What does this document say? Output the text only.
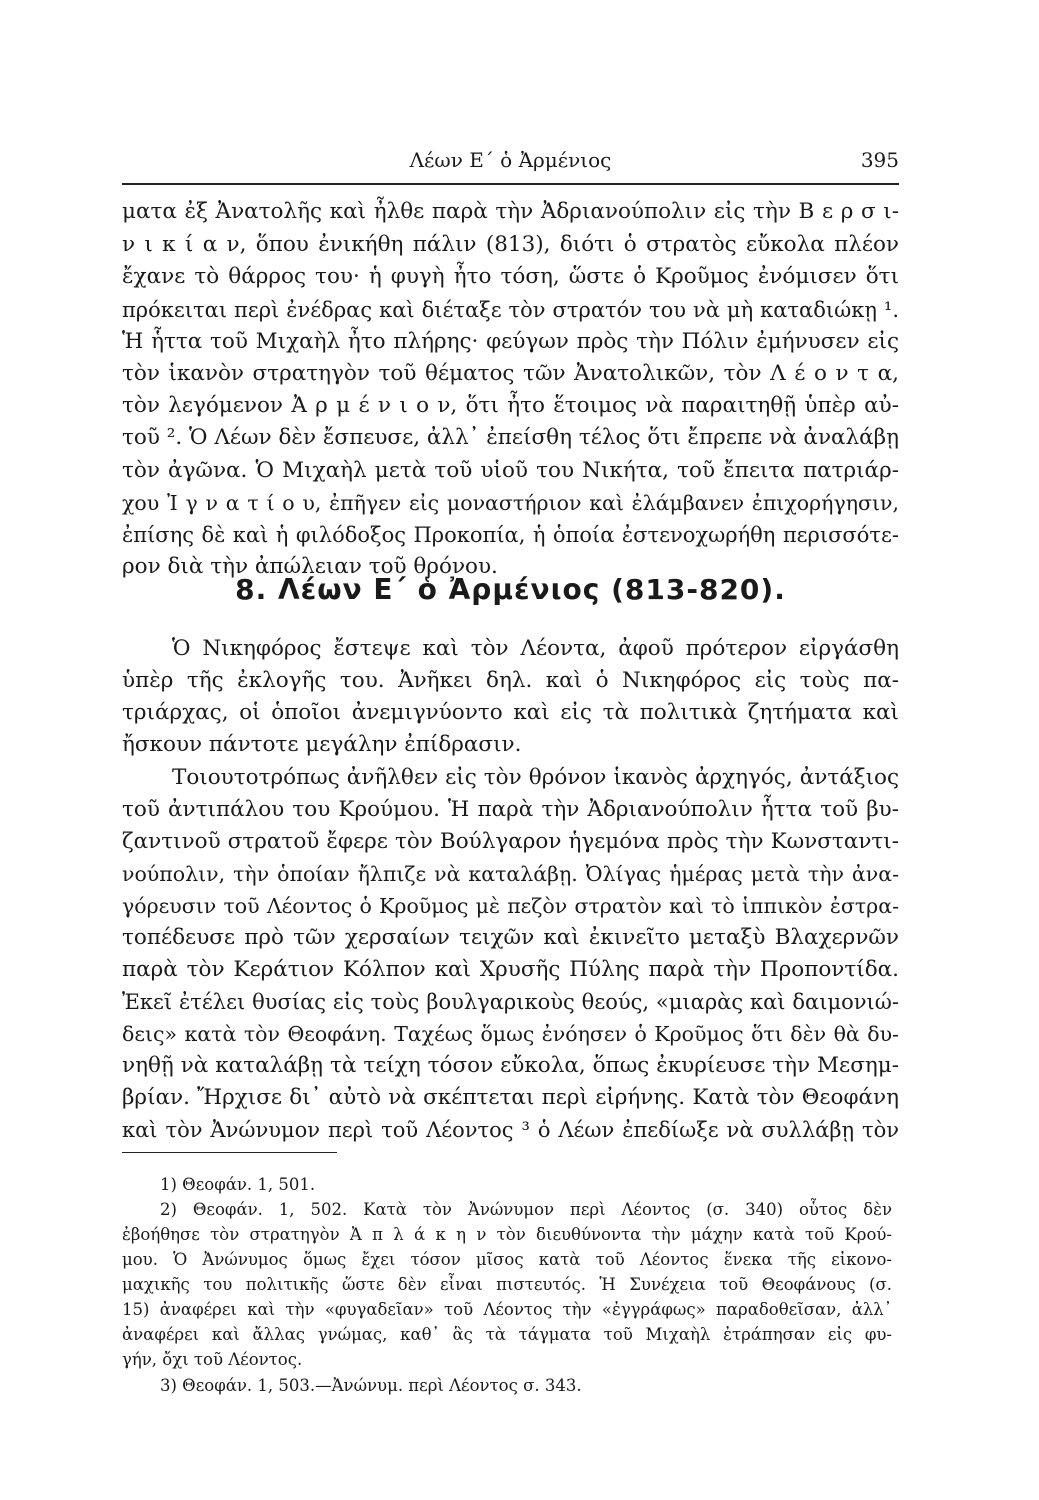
Λέων Ε΄ ὁ Ἀρμένιος	395
ματα ἐξ Ἀνατολῆς καὶ ἦλθε παρὰ τὴν Ἀδριανούπολιν εἰς τὴν Β ε ρ σ ι-
ν ι κ ί α ν, ὅπου ἐνικήθη πάλιν (813), διότι ὁ στρατὸς εὔκολα πλέον
ἔχανε τὸ θάρρος του· ἡ φυγὴ ἦτο τόση, ὥστε ὁ Κροῦμος ἐνόμισεν ὅτι
πρόκειται περὶ ἐνέδρας καὶ διέταξε τὸν στρατόν του νὰ μὴ καταδιώκῃ ¹.
Ἡ ἧττα τοῦ Μιχαὴλ ἦτο πλήρης· φεύγων πρὸς τὴν Πόλιν ἐμήνυσεν εἰς
τὸν ἱκανὸν στρατηγὸν τοῦ θέματος τῶν Ἀνατολικῶν, τὸν Λ έ ο ν τ α,
τὸν λεγόμενον Ἀ ρ μ έ ν ι ο ν, ὅτι ἦτο ἕτοιμος νὰ παραιτηθῇ ὑπὲρ αὐ-
τοῦ ². Ὁ Λέων δὲν ἔσπευσε, ἀλλ᾽ ἐπείσθη τέλος ὅτι ἔπρεπε νὰ ἀναλάβῃ
τὸν ἀγῶνα. Ὁ Μιχαὴλ μετὰ τοῦ υἱοῦ του Νικήτα, τοῦ ἔπειτα πατριάρ-
χου Ἰ γ ν α τ ί ο υ, ἐπῆγεν εἰς μοναστήριον καὶ ἐλάμβανεν ἐπιχορήγησιν,
ἐπίσης δὲ καὶ ἡ φιλόδοξος Προκοπία, ἡ ὁποία ἐστενοχωρήθη περισσότε-
ρον διὰ τὴν ἀπώλειαν τοῦ θρόνου.
8. Λέων Ε΄ ὁ Ἀρμένιος (813-820).
Ὁ Νικηφόρος ἔστεψε καὶ τὸν Λέοντα, ἀφοῦ πρότερον εἰργάσθη
ὑπὲρ τῆς ἐκλογῆς του. Ἀνῆκει δηλ. καὶ ὁ Νικηφόρος εἰς τοὺς πα-
τριάρχας, οἱ ὁποῖοι ἀνεμιγνύοντο καὶ εἰς τὰ πολιτικὰ ζητήματα καὶ
ἤσκουν πάντοτε μεγάλην ἐπίδρασιν.
Τοιουτοτρόπως ἀνῆλθεν εἰς τὸν θρόνον ἱκανὸς ἀρχηγός, ἀντάξιος
τοῦ ἀντιπάλου του Κρούμου. Ἡ παρὰ τὴν Ἀδριανούπολιν ἧττα τοῦ βυ-
ζαντινοῦ στρατοῦ ἔφερε τὸν Βούλγαρον ἡγεμόνα πρὸς τὴν Κωνσταντι-
νούπολιν, τὴν ὁποίαν ἤλπιζε νὰ καταλάβῃ. Ὀλίγας ἡμέρας μετὰ τὴν ἀνα-
γόρευσιν τοῦ Λέοντος ὁ Κροῦμος μὲ πεζὸν στρατὸν καὶ τὸ ἱππικὸν ἐστρα-
τοπέδευσε πρὸ τῶν χερσαίων τειχῶν καὶ ἐκινεῖτο μεταξὺ Βλαχερνῶν
παρὰ τὸν Κεράτιον Κόλπον καὶ Χρυσῆς Πύλης παρὰ τὴν Προποντίδα.
Ἐκεῖ ἐτέλει θυσίας εἰς τοὺς βουλγαρικοὺς θεούς, «μιαρὰς καὶ δαιμονιώ-
δεις» κατὰ τὸν Θεοφάνη. Ταχέως ὅμως ἐνόησεν ὁ Κροῦμος ὅτι δὲν θὰ δυ-
νηθῇ νὰ καταλάβῃ τὰ τείχη τόσον εὔκολα, ὅπως ἐκυρίευσε τὴν Μεσημ-
βρίαν. Ἤρχισε δι᾽ αὐτὸ νὰ σκέπτεται περὶ εἰρήνης. Κατὰ τὸν Θεοφάνη
καὶ τὸν Ἀνώνυμον περὶ τοῦ Λέοντος ³ ὁ Λέων ἐπεδίωξε νὰ συλλάβῃ τὸν
1) Θεοφάν. 1, 501.
2) Θεοφάν. 1, 502. Κατὰ τὸν Ἀνώνυμον περὶ Λέοντος (σ. 340) οὗτος δὲν
ἐβοήθησε τὸν στρατηγὸν Ἀ π λ ά κ η ν τὸν διευθύνοντα τὴν μάχην κατὰ τοῦ Κρού-
μου. Ὁ Ἀνώνυμος ὅμως ἔχει τόσον μῖσος κατὰ τοῦ Λέοντος ἕνεκα τῆς εἰκονο-
μαχικῆς του πολιτικῆς ὥστε δὲν εἶναι πιστευτός. Ἡ Συνέχεια τοῦ Θεοφάνους (σ.
15) ἀναφέρει καὶ τὴν «φυγαδεῖαν» τοῦ Λέοντος τὴν «ἐγγράφως» παραδοθεῖσαν, ἀλλ᾽
ἀναφέρει καὶ ἄλλας γνώμας, καθ᾽ ἃς τὰ τάγματα τοῦ Μιχαὴλ ἐτράπησαν εἰς φυ-
γήν, ὄχι τοῦ Λέοντος.
3) Θεοφάν. 1, 503.—Ἀνώνυμ. περὶ Λέοντος σ. 343.
